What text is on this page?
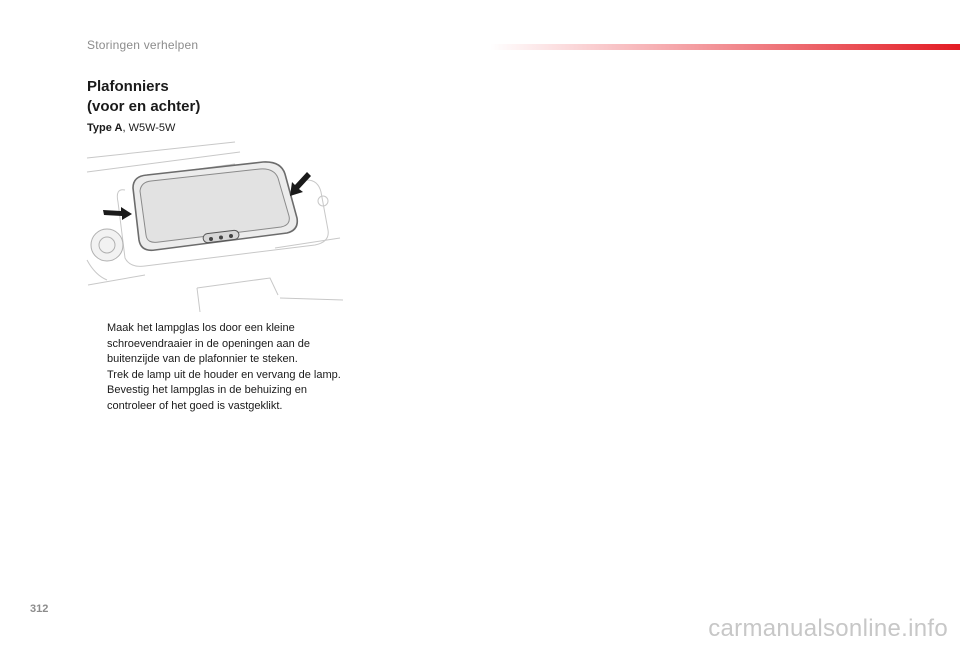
Storingen verhelpen
Plafonniers
(voor en achter)
Type A, W5W-5W
Maak het lampglas los door een kleine schroevendraaier in de openingen aan de buitenzijde van de plafonnier te steken.
Trek de lamp uit de houder en vervang de lamp.
Bevestig het lampglas in de behuizing en controleer of het goed is vastgeklikt.
312
carmanualsonline.info
